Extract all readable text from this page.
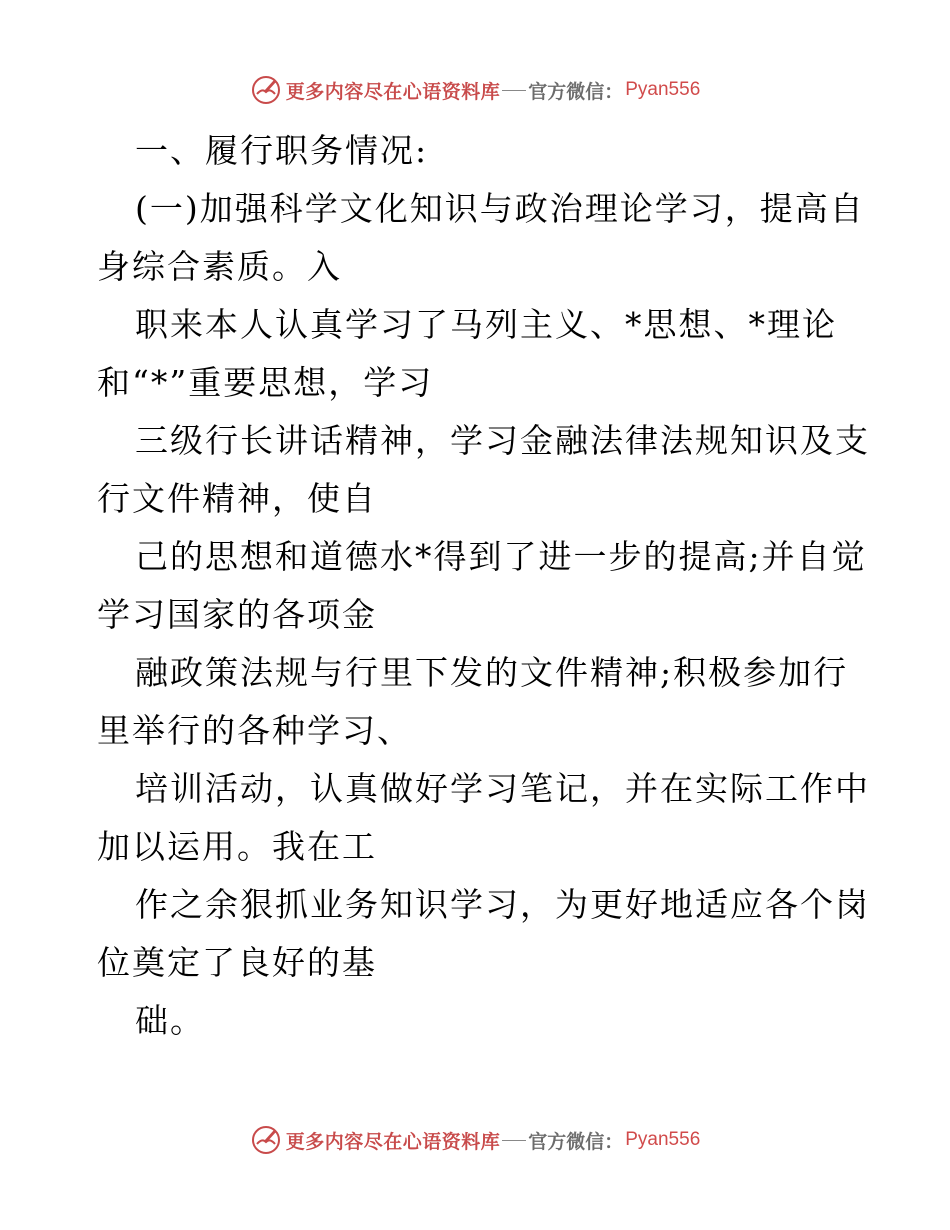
更多内容尽在心语资料库 官方微信： Pyan556
一、履行职务情况:
(一)加强科学文化知识与政治理论学习，提高自
身综合素质。入
职来本人认真学习了马列主义、*思想、*理论
和“*”重要思想，学习
三级行长讲话精神，学习金融法律法规知识及支
行文件精神，使自
己的思想和道德水*得到了进一步的提高;并自觉
学习国家的各项金
融政策法规与行里下发的文件精神;积极参加行
里举行的各种学习、
培训活动，认真做好学习笔记，并在实际工作中
加以运用。我在工
作之余狠抓业务知识学习，为更好地适应各个岗
位奠定了良好的基
础。
更多内容尽在心语资料库 官方微信： Pyan556
